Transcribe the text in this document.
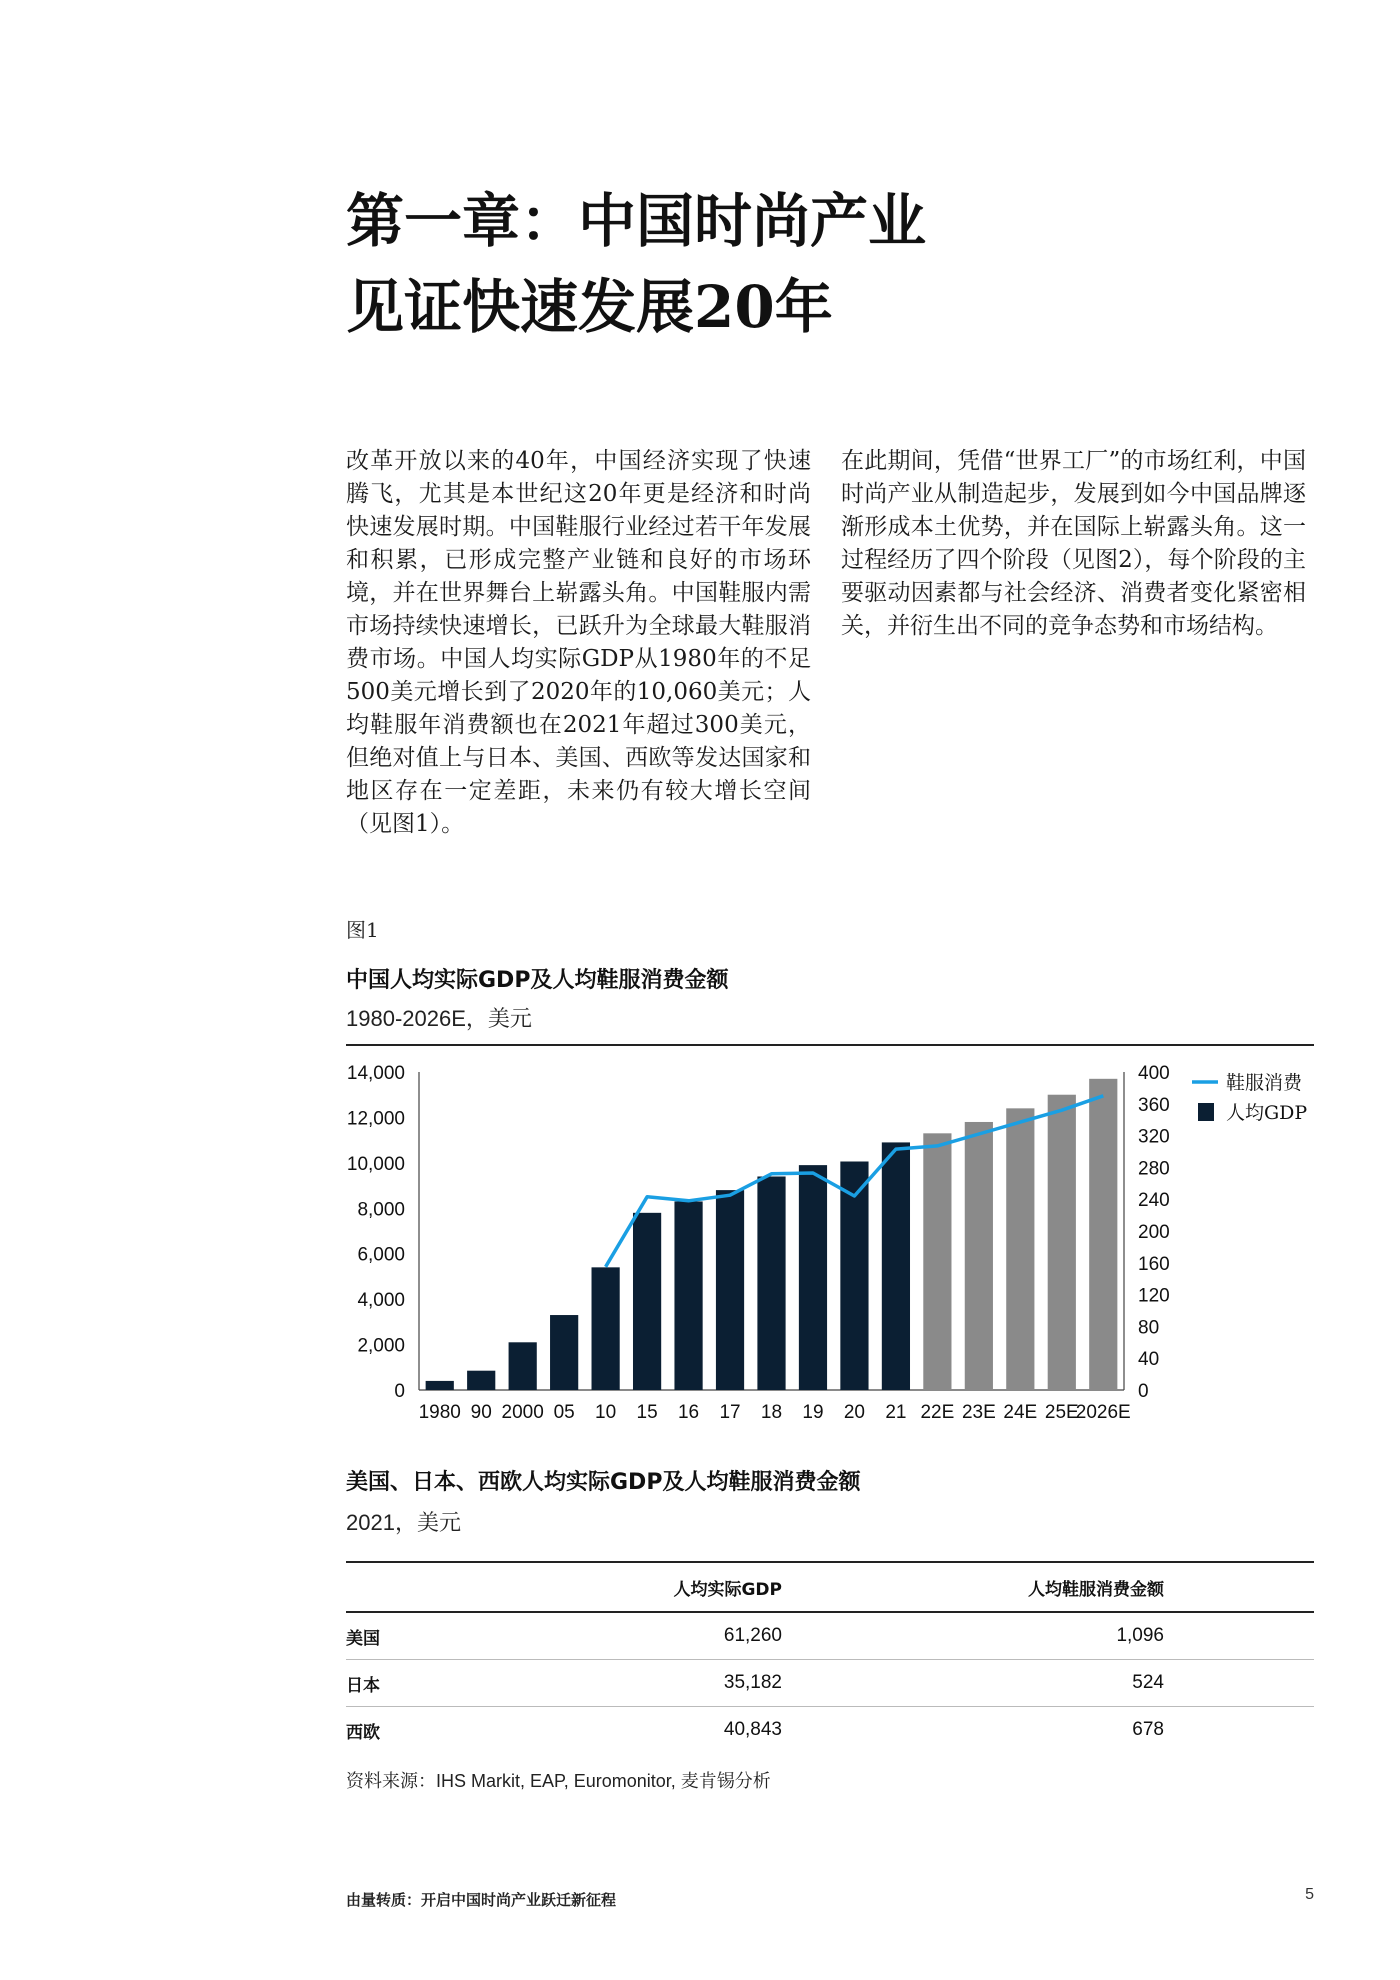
第一章：中国时尚产业
见证快速发展20年

改革开放以来的40年，中国经济实现了快速腾飞，尤其是本世纪这20年更是经济和时尚快速发展时期。中国鞋服行业经过若干年发展和积累，已形成完整产业链和良好的市场环境，并在世界舞台上崭露头角。中国鞋服内需市场持续快速增长，已跃升为全球最大鞋服消费市场。中国人均实际GDP从1980年的不足500美元增长到了2020年的10,060美元；人均鞋服年消费额也在2021年超过300美元，但绝对值上与日本、美国、西欧等发达国家和地区存在一定差距，未来仍有较大增长空间（见图1）。

在此期间，凭借“世界工厂”的市场红利，中国时尚产业从制造起步，发展到如今中国品牌逐渐形成本土优势，并在国际上崭露头角。这一过程经历了四个阶段（见图2），每个阶段的主要驱动因素都与社会经济、消费者变化紧密相关，并衍生出不同的竞争态势和市场结构。

图1
中国人均实际GDP及人均鞋服消费金额
1980-2026E，美元
0
2,000
4,000
6,000
8,000
10,000
12,000
14,000
0
40
80
120
160
200
240
280
320
360
400
1980 90 2000 05 10 15 16 17 18 19 20 21 22E 23E 24E 25E
2026E
鞋服消费
人均GDP
美国、日本、西欧人均实际GDP及人均鞋服消费金额
2021，美元
	人均实际GDP	人均鞋服消费金额	
美国	61,260	1,096	
日本	35,182	524	
西欧	40,843	678	
资料来源：IHS Markit, EAP, Euromonitor, 麦肯锡分析
由量转质：开启中国时尚产业跃迁新征程	5
